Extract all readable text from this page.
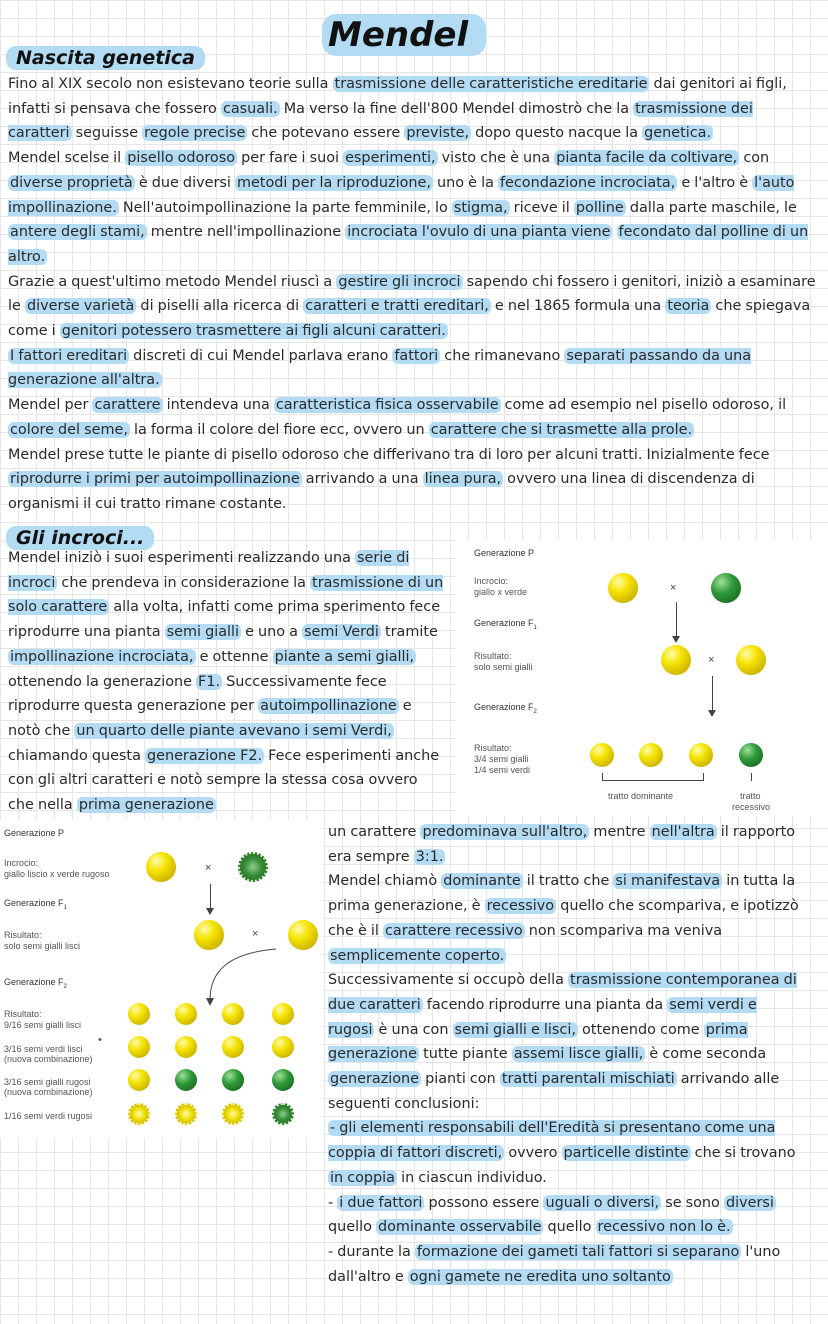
Mendel
Nascita genetica
Fino al XIX secolo non esistevano teorie sulla trasmissione delle caratteristiche ereditarie dai genitori ai figli, infatti si pensava che fossero casuali. Ma verso la fine dell'800 Mendel dimostrò che la trasmissione dei caratteri seguisse regole precise che potevano essere previste, dopo questo nacque la genetica.
Mendel scelse il pisello odoroso per fare i suoi esperimenti, visto che è una pianta facile da coltivare, con diverse proprietà è due diversi metodi per la riproduzione, uno è la fecondazione incrociata, e l'altro è l'auto impollinazione. Nell'autoimpollinazione la parte femminile, lo stigma, riceve il polline dalla parte maschile, le antere degli stami, mentre nell'impollinazione incrociata l'ovulo di una pianta viene fecondato dal polline di un altro.
Grazie a quest'ultimo metodo Mendel riuscì a gestire gli incroci sapendo chi fossero i genitori, iniziò a esaminare le diverse varietà di piselli alla ricerca di caratteri e tratti ereditari, e nel 1865 formula una teoria che spiegava come i genitori potessero trasmettere ai figli alcuni caratteri.
I fattori ereditari discreti di cui Mendel parlava erano fattori che rimanevano separati passando da una generazione all'altra.
Mendel per carattere intendeva una caratteristica fisica osservabile come ad esempio nel pisello odoroso, il colore del seme, la forma il colore del fiore ecc, ovvero un carattere che si trasmette alla prole.
Mendel prese tutte le piante di pisello odoroso che differivano tra di loro per alcuni tratti. Inizialmente fece riprodurre i primi per autoimpollinazione arrivando a una linea pura, ovvero una linea di discendenza di organismi il cui tratto rimane costante.
Gli incroci...
Mendel iniziò i suoi esperimenti realizzando una serie di incroci che prendeva in considerazione la trasmissione di un solo carattere alla volta, infatti come prima sperimento fece riprodurre una pianta semi gialli e uno a semi Verdi tramite impollinazione incrociata, e ottenne piante a semi gialli, ottenendo la generazione F1. Successivamente fece riprodurre questa generazione per autoimpollinazione e notò che un quarto delle piante avevano i semi Verdi, chiamando questa generazione F2. Fece esperimenti anche con gli altri caratteri e notò sempre la stessa cosa ovvero che nella prima generazione
Generazione P
Incrocio:
giallo x verde
Generazione $F_1$
Risultato:
solo semi gialli
Generazione $F_2$
Risultato:
3/4 semi gialli
1/4 semi verdi
×
×
tratto dominante	tratto
recessivo
Generazione P
Incrocio:
giallo liscio x verde rugoso
Generazione $F_1$
Risultato:
solo semi gialli lisci
Generazione $F_2$
Risultato:
9/16 semi gialli lisci
3/16 semi verdi lisci
(nuova combinazione)
3/16 semi gialli rugosi
(nuova combinazione)
1/16 semi verdi rugosi
•
×
×
un carattere predominava sull'altro, mentre nell'altra il rapporto era sempre 3:1.
Mendel chiamò dominante il tratto che si manifestava in tutta la prima generazione, è recessivo quello che scompariva, e ipotizzò che è il carattere recessivo non scompariva ma veniva semplicemente coperto.
Successivamente si occupò della trasmissione contemporanea di due caratteri facendo riprodurre una pianta da semi verdi e rugosi è una con semi gialli e lisci, ottenendo come prima generazione tutte piante assemi lisce gialli, è come seconda generazione pianti con tratti parentali mischiati arrivando alle seguenti conclusioni:
- gli elementi responsabili dell'Eredità si presentano come una coppia di fattori discreti, ovvero particelle distinte che si trovano in coppia in ciascun individuo.
- i due fattori possono essere uguali o diversi, se sono diversi quello dominante osservabile quello recessivo non lo è.
- durante la formazione dei gameti tali fattori si separano l'uno dall'altro e ogni gamete ne eredita uno soltanto
